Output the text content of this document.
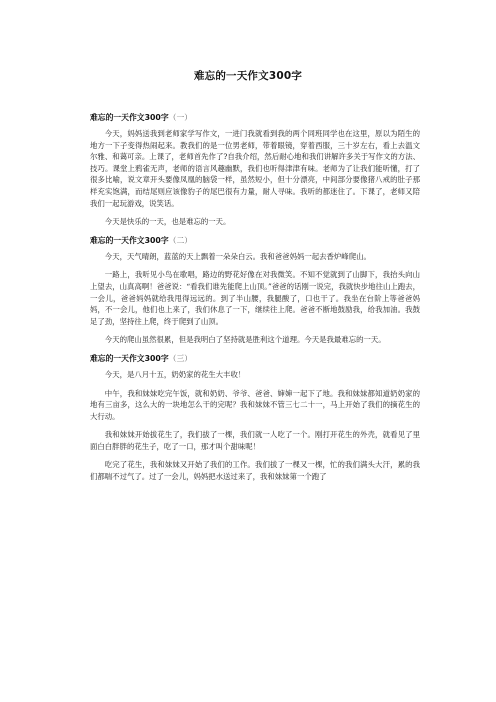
难忘的一天作文300字
难忘的一天作文300字（一）

今天，妈妈送我到老师家学写作文，一进门我就看到我的两个同班同学也在这里，原以为陌生的地方一下子变得热闹起来。教我们的是一位男老师，带着眼镜，穿着西服，三十岁左右，看上去温文尔雅、和蔼可亲。上课了，老师首先作了?自我介绍，然后耐心地和我们讲解许多关于写作文的方法、技巧。课堂上鸦雀无声，老师的语言风趣幽默，我们也听得津津有味。老师为了让我们能听懂，打了很多比喻，说文章开头要像凤凰的脑袋一样，虽然短小，但十分漂亮，中间部分要像猪八戒的肚子那样充实饱满，而结尾则应该像豹子的尾巴很有力量，耐人寻味。我听的都迷住了。下课了，老师又陪我们一起玩游戏，说笑话。

今天是快乐的一天，也是难忘的一天。

难忘的一天作文300字（二）

今天，天气晴朗，蓝蓝的天上飘着一朵朵白云。我和爸爸妈妈一起去香炉峰爬山。

一路上，我听见小鸟在歌唱，路边的野花好像在对我微笑。不知不觉就到了山脚下，我抬头向山上望去，山真高啊！爸爸说：“看我们谁先能爬上山顶。”爸爸的话刚一说完，我就快步地往山上跑去，一会儿，爸爸妈妈就给我甩得远远的。到了半山腰，我腿酸了，口也干了。我坐在台阶上等爸爸妈妈，不一会儿，他们也上来了，我们休息了一下，继续往上爬。爸爸不断地鼓励我，给我加油。我鼓足了劲，坚持往上爬，终于爬到了山顶。

今天的爬山虽然很累，但是我明白了坚持就是胜利这个道理。今天是我最难忘的一天。

难忘的一天作文300字（三）

今天，是八月十五，奶奶家的花生大丰收！

中午，我和妹妹吃完午饭，就和奶奶、爷爷、爸爸、婶婶一起下了地。我和妹妹都知道奶奶家的地有三亩多，这么大的一块地怎么干的完呢？我和妹妹不管三七二十一，马上开始了我们的摘花生的大行动。

我和妹妹开始拔花生了，我们拔了一棵，我们就一人吃了一个。刚打开花生的外壳，就看见了里面白白胖胖的花生子，吃了一口，那才叫个甜味呢！

吃完了花生，我和妹妹又开始了我们的工作。我们拔了一棵又一棵，忙的我们满头大汗，累的我们都喘不过气了。过了一会儿，妈妈把水送过来了，我和妹妹第一个跑了
